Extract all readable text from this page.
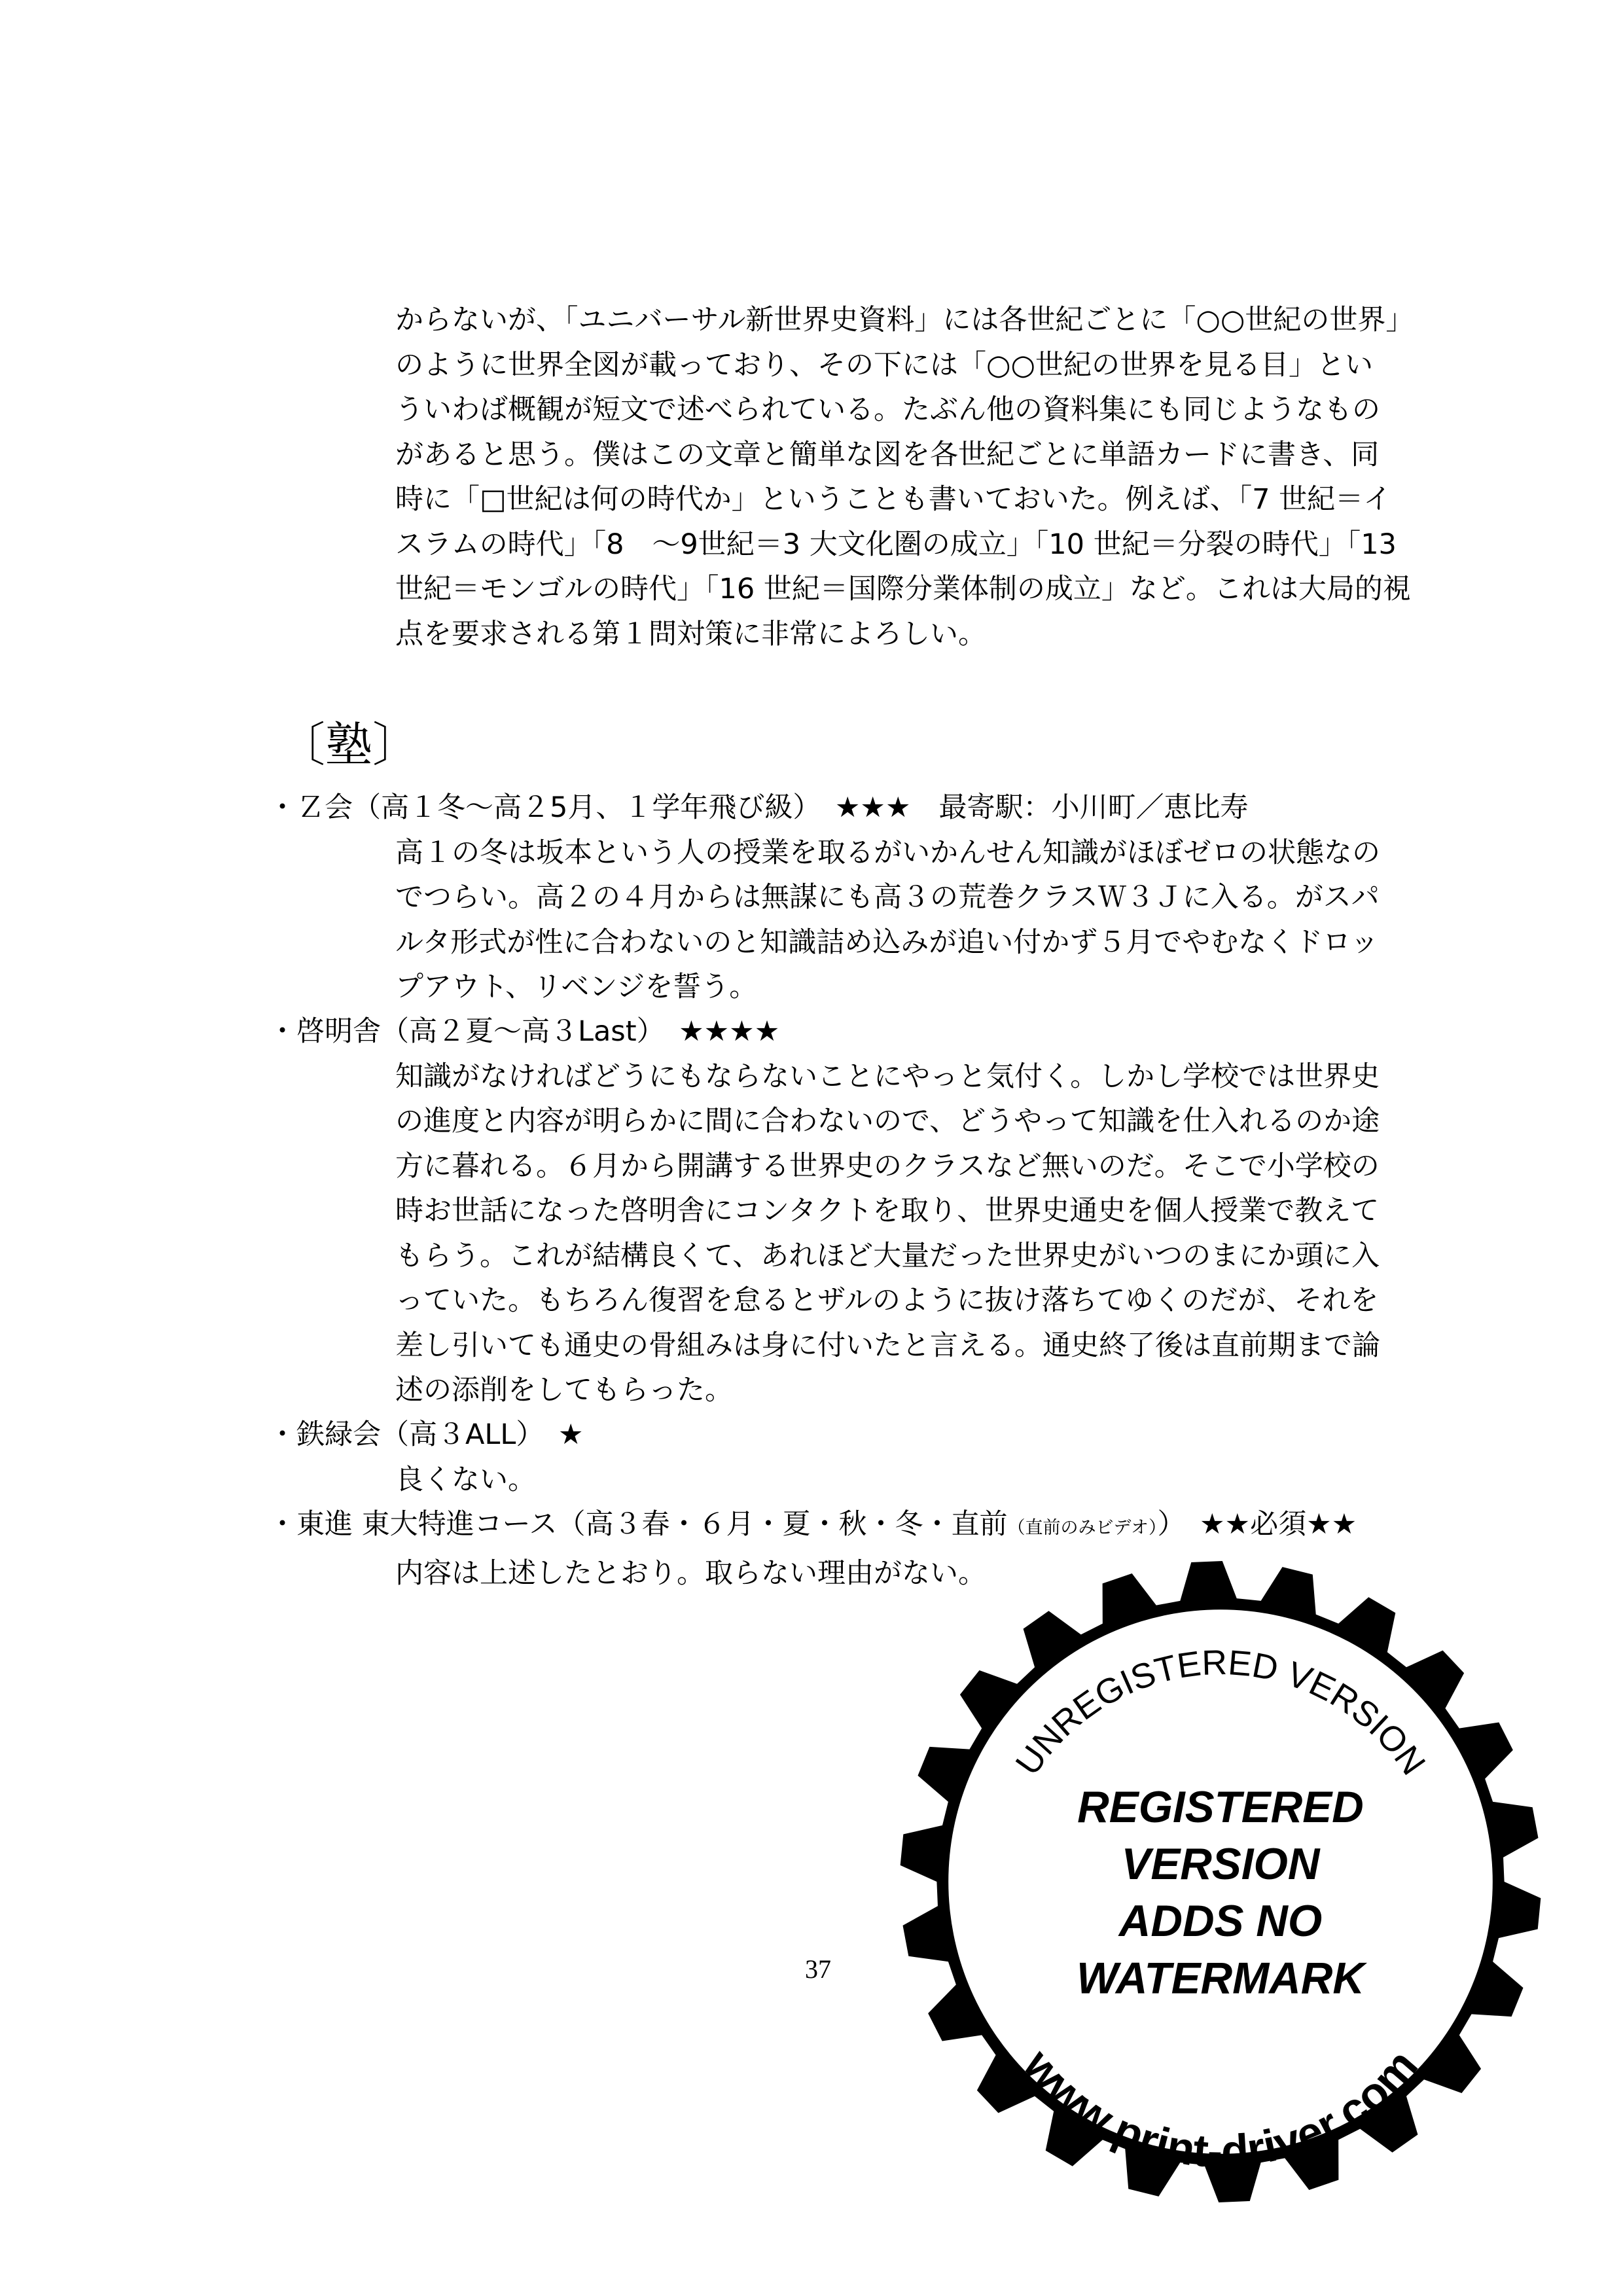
からないが、「ユニバーサル新世界史資料」には各世紀ごとに「○○世紀の世界」
のように世界全図が載っており、その下には「○○世紀の世界を見る目」とい
ういわば概観が短文で述べられている。たぶん他の資料集にも同じようなもの
があると思う。僕はこの文章と簡単な図を各世紀ごとに単語カードに書き、同
時に「□世紀は何の時代か」ということも書いておいた。例えば、「7 世紀＝イ
スラムの時代」「8　～9世紀＝3 大文化圏の成立」「10 世紀＝分裂の時代」「13
世紀＝モンゴルの時代」「16 世紀＝国際分業体制の成立」など。これは大局的視
点を要求される第１問対策に非常によろしい。
〔塾〕
・Ｚ会（高１冬～高２5月、１学年飛び級）　★★★　最寄駅：小川町／恵比寿
高１の冬は坂本という人の授業を取るがいかんせん知識がほぼゼロの状態なの
でつらい。高２の４月からは無謀にも高３の荒巻クラスＷ３Ｊに入る。がスパ
ルタ形式が性に合わないのと知識詰め込みが追い付かず５月でやむなくドロッ
プアウト、リベンジを誓う。
・啓明舎（高２夏～高３Last）　★★★★
知識がなければどうにもならないことにやっと気付く。しかし学校では世界史
の進度と内容が明らかに間に合わないので、どうやって知識を仕入れるのか途
方に暮れる。６月から開講する世界史のクラスなど無いのだ。そこで小学校の
時お世話になった啓明舎にコンタクトを取り、世界史通史を個人授業で教えて
もらう。これが結構良くて、あれほど大量だった世界史がいつのまにか頭に入
っていた。もちろん復習を怠るとザルのように抜け落ちてゆくのだが、それを
差し引いても通史の骨組みは身に付いたと言える。通史終了後は直前期まで論
述の添削をしてもらった。
・鉄緑会（高３ALL）　★
良くない。
・東進 東大特進コース（高３春・６月・夏・秋・冬・直前（直前のみビデオ））　★★必須★★
内容は上述したとおり。取らない理由がない。
37
UNREGISTERED VERSION
REGISTERED
VERSION
ADDS NO
WATERMARK
www.print-driver.com
